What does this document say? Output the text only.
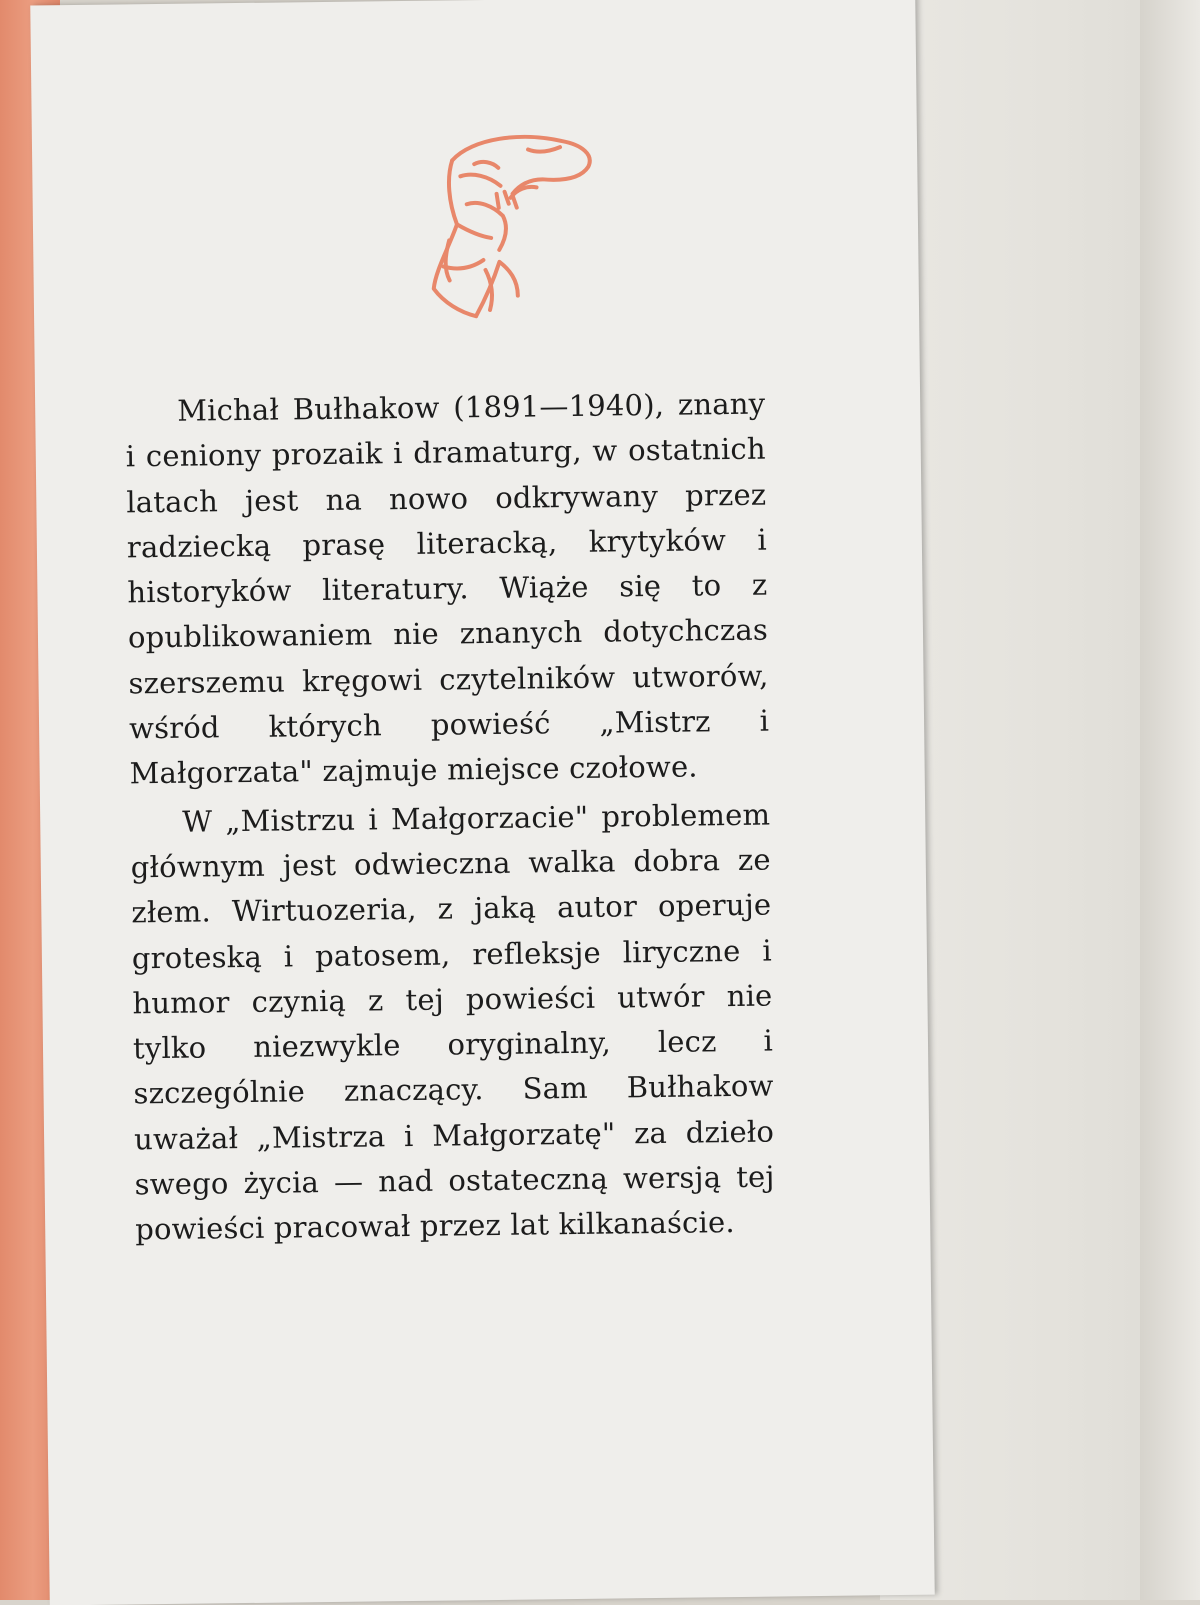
Michał Bułhakow (1891—1940), znany i ceniony prozaik i dramaturg, w ostatnich latach jest na nowo odkrywany przez radziecką prasę literacką, krytyków i historyków literatury. Wiąże się to z opublikowaniem nie znanych dotychczas szerszemu kręgowi czytelników utworów, wśród których powieść „Mistrz i Małgorzata" zajmuje miejsce czołowe.

W „Mistrzu i Małgorzacie" problemem głównym jest odwieczna walka dobra ze złem. Wirtuozeria, z jaką autor operuje groteską i patosem, refleksje liryczne i humor czynią z tej powieści utwór nie tylko niezwykle oryginalny, lecz i szczególnie znaczący. Sam Bułhakow uważał „Mistrza i Małgorzatę" za dzieło swego życia — nad ostateczną wersją tej powieści pracował przez lat kilkanaście.
